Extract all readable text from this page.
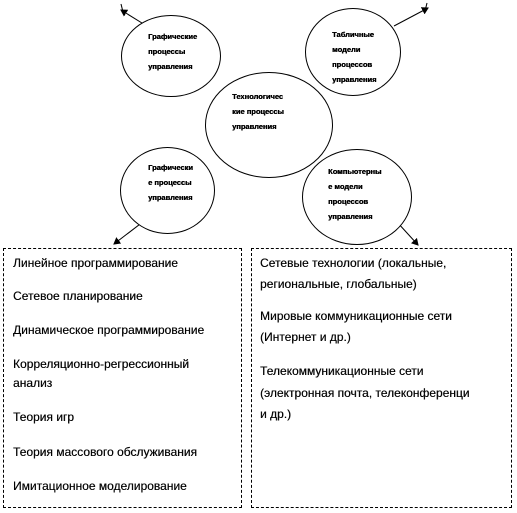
Графические
процессы
управления
Табличные
модели
процессов
управления
Технологичес
кие процессы
управления
Графически
е процессы
управления
Компьютерны
е модели
процессов
управления
Линейное программирование
Сетевое планирование
Динамическое программирование
Корреляционно-регрессионный
анализ
Теория игр
Теория массового обслуживания
Имитационное моделирование
Сетевые технологии (локальные,
региональные, глобальные)
Мировые коммуникационные сети
(Интернет и др.)
Телекоммуникационные сети
(электронная почта, телеконференци
и др.)
